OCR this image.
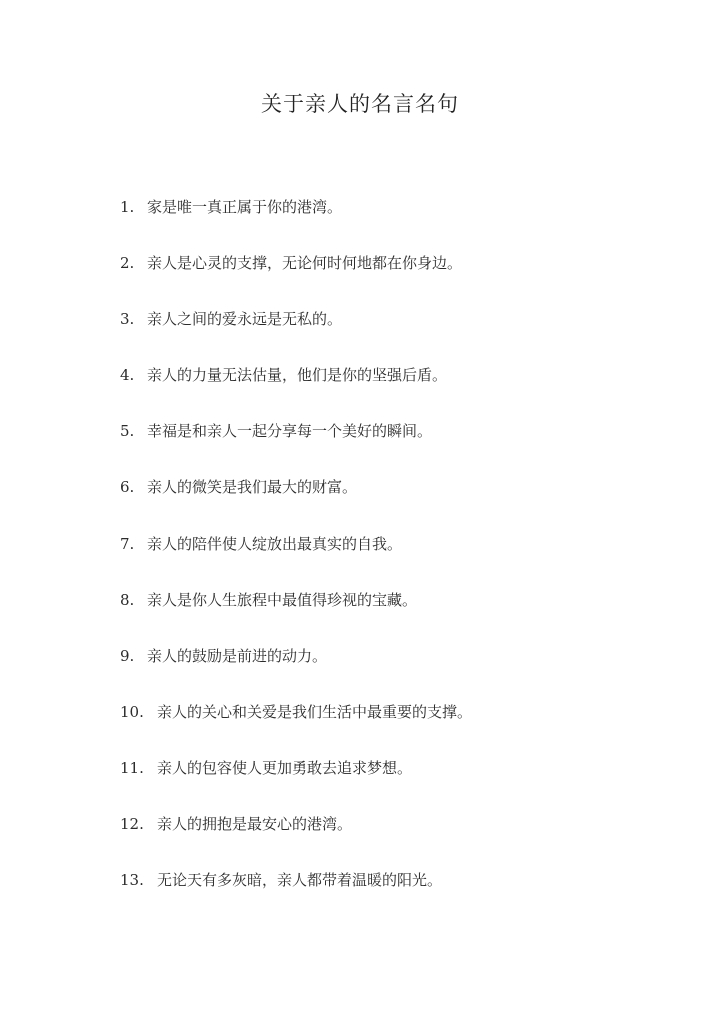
关于亲人的名言名句
1. 家是唯一真正属于你的港湾。
2. 亲人是心灵的支撑，无论何时何地都在你身边。
3. 亲人之间的爱永远是无私的。
4. 亲人的力量无法估量，他们是你的坚强后盾。
5. 幸福是和亲人一起分享每一个美好的瞬间。
6. 亲人的微笑是我们最大的财富。
7. 亲人的陪伴使人绽放出最真实的自我。
8. 亲人是你人生旅程中最值得珍视的宝藏。
9. 亲人的鼓励是前进的动力。
10. 亲人的关心和关爱是我们生活中最重要的支撑。
11. 亲人的包容使人更加勇敢去追求梦想。
12. 亲人的拥抱是最安心的港湾。
13. 无论天有多灰暗，亲人都带着温暖的阳光。
